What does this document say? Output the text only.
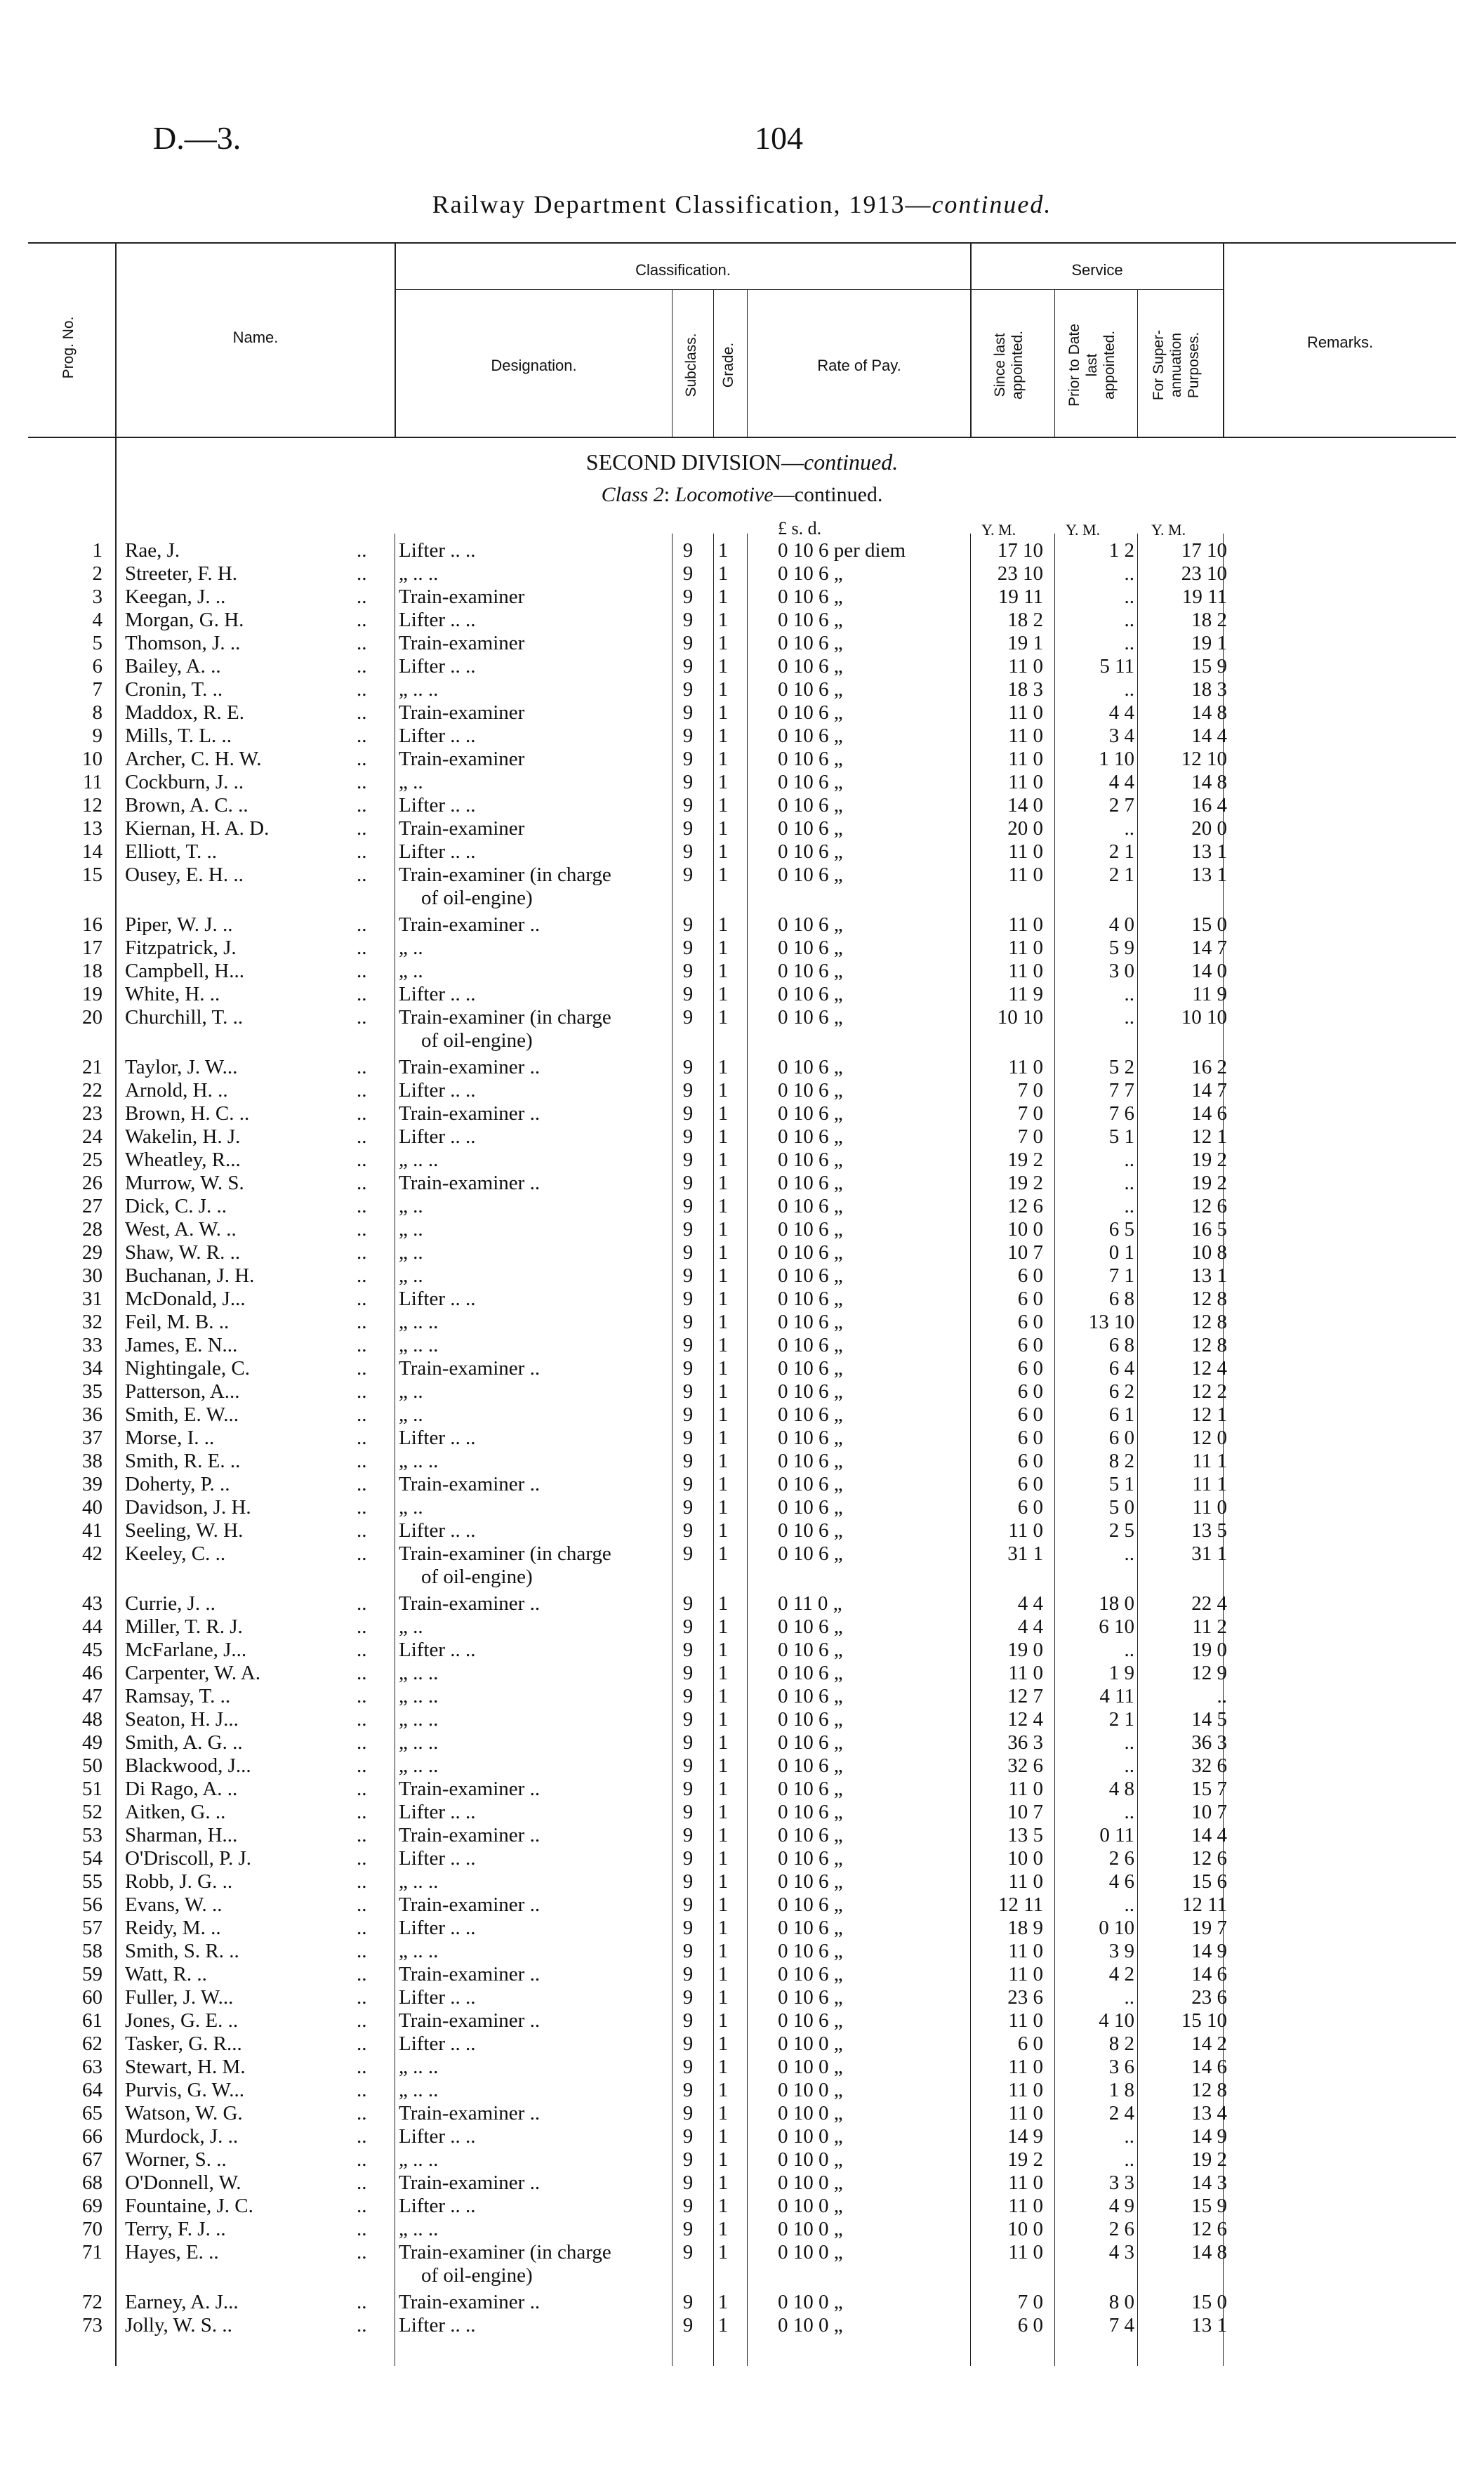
D.—3.	104
Railway Department Classification, 1913—continued.
Prog. No.	Name.
Classification.
Designation.	Subclass. Grade.	Rate of Pay.
Service
Since last
appointed.	Prior to Date
last
appointed.	For Super-
annuation
Purposes.	Remarks.
SECOND DIVISION—continued.
Class 2: Locomotive—continued.
£ s. d.	Y. M.	Y. M.	Y. M.
1 Rae, J.	.. Lifter .. ..	9	1	0 10 6 per diem	17 10	1 2	17 10
2 Streeter, F. H.	.. „ .. ..	9	1	0 10 6 „	23 10	..	23 10
3 Keegan, J. ..	.. Train-examiner	9	1	0 10 6 „	19 11	..	19 11
4 Morgan, G. H.	.. Lifter .. ..	9	1	0 10 6 „	18 2	..	18 2
5 Thomson, J. ..	.. Train-examiner	9	1	0 10 6 „	19 1	..	19 1
6 Bailey, A. ..	.. Lifter .. ..	9	1	0 10 6 „	11 0	5 11	15 9
7 Cronin, T. ..	.. „ .. ..	9	1	0 10 6 „	18 3	..	18 3
8 Maddox, R. E.	.. Train-examiner	9	1	0 10 6 „	11 0	4 4	14 8
9 Mills, T. L. ..	.. Lifter .. ..	9	1	0 10 6 „	11 0	3 4	14 4
10 Archer, C. H. W.	.. Train-examiner	9	1	0 10 6 „	11 0	1 10	12 10
11 Cockburn, J. ..	.. „ ..	9	1	0 10 6 „	11 0	4 4	14 8
12 Brown, A. C. ..	.. Lifter .. ..	9	1	0 10 6 „	14 0	2 7	16 4
13 Kiernan, H. A. D.	.. Train-examiner	9	1	0 10 6 „	20 0	..	20 0
14 Elliott, T. ..	.. Lifter .. ..	9	1	0 10 6 „	11 0	2 1	13 1
15 Ousey, E. H. ..	.. Train-examiner (in charge	9	1	0 10 6 „	11 0	2 1	13 1
of oil-engine)
16 Piper, W. J. ..	.. Train-examiner ..	9	1	0 10 6 „	11 0	4 0	15 0
17 Fitzpatrick, J.	.. „ ..	9	1	0 10 6 „	11 0	5 9	14 7
18 Campbell, H...	.. „ ..	9	1	0 10 6 „	11 0	3 0	14 0
19 White, H. ..	.. Lifter .. ..	9	1	0 10 6 „	11 9	..	11 9
20 Churchill, T. ..	.. Train-examiner (in charge	9	1	0 10 6 „	10 10	..	10 10
of oil-engine)
21 Taylor, J. W...	.. Train-examiner ..	9	1	0 10 6 „	11 0	5 2	16 2
22 Arnold, H. ..	.. Lifter .. ..	9	1	0 10 6 „	7 0	7 7	14 7
23 Brown, H. C. ..	.. Train-examiner ..	9	1	0 10 6 „	7 0	7 6	14 6
24 Wakelin, H. J.	.. Lifter .. ..	9	1	0 10 6 „	7 0	5 1	12 1
25 Wheatley, R...	.. „ .. ..	9	1	0 10 6 „	19 2	..	19 2
26 Murrow, W. S.	.. Train-examiner ..	9	1	0 10 6 „	19 2	..	19 2
27 Dick, C. J. ..	.. „ ..	9	1	0 10 6 „	12 6	..	12 6
28 West, A. W. ..	.. „ ..	9	1	0 10 6 „	10 0	6 5	16 5
29 Shaw, W. R. ..	.. „ ..	9	1	0 10 6 „	10 7	0 1	10 8
30 Buchanan, J. H.	.. „ ..	9	1	0 10 6 „	6 0	7 1	13 1
31 McDonald, J...	.. Lifter .. ..	9	1	0 10 6 „	6 0	6 8	12 8
32 Feil, M. B. ..	.. „ .. ..	9	1	0 10 6 „	6 0	13 10	12 8
33 James, E. N...	.. „ .. ..	9	1	0 10 6 „	6 0	6 8	12 8
34 Nightingale, C.	.. Train-examiner ..	9	1	0 10 6 „	6 0	6 4	12 4
35 Patterson, A...	.. „ ..	9	1	0 10 6 „	6 0	6 2	12 2
36 Smith, E. W...	.. „ ..	9	1	0 10 6 „	6 0	6 1	12 1
37 Morse, I. ..	.. Lifter .. ..	9	1	0 10 6 „	6 0	6 0	12 0
38 Smith, R. E. ..	.. „ .. ..	9	1	0 10 6 „	6 0	8 2	11 1
39 Doherty, P. ..	.. Train-examiner ..	9	1	0 10 6 „	6 0	5 1	11 1
40 Davidson, J. H.	.. „ ..	9	1	0 10 6 „	6 0	5 0	11 0
41 Seeling, W. H.	.. Lifter .. ..	9	1	0 10 6 „	11 0	2 5	13 5
42 Keeley, C. ..	.. Train-examiner (in charge	9	1	0 10 6 „	31 1	..	31 1
of oil-engine)
43 Currie, J. ..	.. Train-examiner ..	9	1	0 11 0 „	4 4	18 0	22 4
44 Miller, T. R. J.	.. „ ..	9	1	0 10 6 „	4 4	6 10	11 2
45 McFarlane, J...	.. Lifter .. ..	9	1	0 10 6 „	19 0	..	19 0
46 Carpenter, W. A.	.. „ .. ..	9	1	0 10 6 „	11 0	1 9	12 9
47 Ramsay, T. ..	.. „ .. ..	9	1	0 10 6 „	12 7	4 11	..
48 Seaton, H. J...	.. „ .. ..	9	1	0 10 6 „	12 4	2 1	14 5
49 Smith, A. G. ..	.. „ .. ..	9	1	0 10 6 „	36 3	..	36 3
50 Blackwood, J...	.. „ .. ..	9	1	0 10 6 „	32 6	..	32 6
51 Di Rago, A. ..	.. Train-examiner ..	9	1	0 10 6 „	11 0	4 8	15 7
52 Aitken, G. ..	.. Lifter .. ..	9	1	0 10 6 „	10 7	..	10 7
53 Sharman, H...	.. Train-examiner ..	9	1	0 10 6 „	13 5	0 11	14 4
54 O'Driscoll, P. J.	.. Lifter .. ..	9	1	0 10 6 „	10 0	2 6	12 6
55 Robb, J. G. ..	.. „ .. ..	9	1	0 10 6 „	11 0	4 6	15 6
56 Evans, W. ..	.. Train-examiner ..	9	1	0 10 6 „	12 11	..	12 11
57 Reidy, M. ..	.. Lifter .. ..	9	1	0 10 6 „	18 9	0 10	19 7
58 Smith, S. R. ..	.. „ .. ..	9	1	0 10 6 „	11 0	3 9	14 9
59 Watt, R. ..	.. Train-examiner ..	9	1	0 10 6 „	11 0	4 2	14 6
60 Fuller, J. W...	.. Lifter .. ..	9	1	0 10 6 „	23 6	..	23 6
61 Jones, G. E. ..	.. Train-examiner ..	9	1	0 10 6 „	11 0	4 10	15 10
62 Tasker, G. R...	.. Lifter .. ..	9	1	0 10 0 „	6 0	8 2	14 2
63 Stewart, H. M.	.. „ .. ..	9	1	0 10 0 „	11 0	3 6	14 6
64 Purvis, G. W...	.. „ .. ..	9	1	0 10 0 „	11 0	1 8	12 8
65 Watson, W. G.	.. Train-examiner ..	9	1	0 10 0 „	11 0	2 4	13 4
66 Murdock, J. ..	.. Lifter .. ..	9	1	0 10 0 „	14 9	..	14 9
67 Worner, S. ..	.. „ .. ..	9	1	0 10 0 „	19 2	..	19 2
68 O'Donnell, W.	.. Train-examiner ..	9	1	0 10 0 „	11 0	3 3	14 3
69 Fountaine, J. C.	.. Lifter .. ..	9	1	0 10 0 „	11 0	4 9	15 9
70 Terry, F. J. ..	.. „ .. ..	9	1	0 10 0 „	10 0	2 6	12 6
71 Hayes, E. ..	.. Train-examiner (in charge	9	1	0 10 0 „	11 0	4 3	14 8
of oil-engine)
72 Earney, A. J...	.. Train-examiner ..	9	1	0 10 0 „	7 0	8 0	15 0
73 Jolly, W. S. ..	.. Lifter .. ..	9	1	0 10 0 „	6 0	7 4	13 1
